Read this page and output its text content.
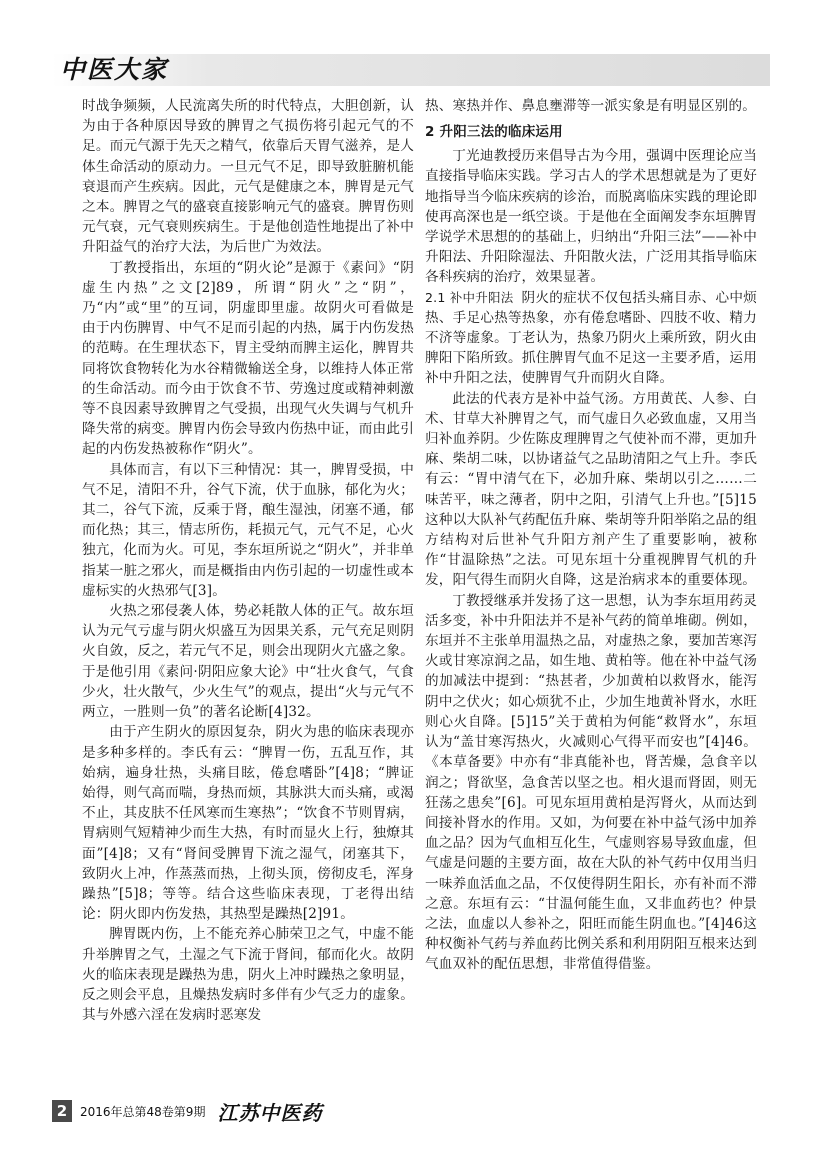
中医大家

时战争频频，人民流离失所的时代特点，大胆创新，认为由于各种原因导致的脾胃之气损伤将引起元气的不足。而元气源于先天之精气，依靠后天胃气滋养，是人体生命活动的原动力。一旦元气不足，即导致脏腑机能衰退而产生疾病。因此，元气是健康之本，脾胃是元气之本。脾胃之气的盛衰直接影响元气的盛衰。脾胃伤则元气衰，元气衰则疾病生。于是他创造性地提出了补中升阳益气的治疗大法，为后世广为效法。

丁教授指出，东垣的“阴火论”是源于《素问》“阴虚生内热”之文[2]89，所谓“阴火”之“阴”，乃“内”或“里”的互词，阴虚即里虚。故阴火可看做是由于内伤脾胃、中气不足而引起的内热，属于内伤发热的范畴。在生理状态下，胃主受纳而脾主运化，脾胃共同将饮食物转化为水谷精微输送全身，以维持人体正常的生命活动。而今由于饮食不节、劳逸过度或精神刺激等不良因素导致脾胃之气受损，出现气火失调与气机升降失常的病变。脾胃内伤会导致内伤热中证，而由此引起的内伤发热被称作“阴火”。

具体而言，有以下三种情况：其一，脾胃受损，中气不足，清阳不升，谷气下流，伏于血脉，郁化为火；其二，谷气下流，反乘于肾，酿生湿浊，闭塞不通，郁而化热；其三，情志所伤，耗损元气，元气不足，心火独亢，化而为火。可见，李东垣所说之“阴火”，并非单指某一脏之邪火，而是概指由内伤引起的一切虚性或本虚标实的火热邪气[3]。

火热之邪侵袭人体，势必耗散人体的正气。故东垣认为元气亏虚与阴火炽盛互为因果关系，元气充足则阴火自敛，反之，若元气不足，则会出现阴火亢盛之象。于是他引用《素问·阴阳应象大论》中“壮火食气，气食少火，壮火散气，少火生气”的观点，提出“火与元气不两立，一胜则一负”的著名论断[4]32。

由于产生阴火的原因复杂，阴火为患的临床表现亦是多种多样的。李氏有云：“脾胃一伤，五乱互作，其始病，遍身壮热，头痛目眩，倦怠嗜卧”[4]8；“脾证始得，则气高而喘，身热而烦，其脉洪大而头痛，或渴不止，其皮肤不任风寒而生寒热”；“饮食不节则胃病，胃病则气短精神少而生大热，有时而显火上行，独燎其面”[4]8；又有“肾间受脾胃下流之湿气，闭塞其下，致阴火上冲，作蒸蒸而热，上彻头顶，傍彻皮毛，浑身躁热”[5]8；等等。结合这些临床表现，丁老得出结论：阴火即内伤发热，其热型是躁热[2]91。

脾胃既内伤，上不能充养心肺荣卫之气，中虚不能升举脾胃之气，土湿之气下流于肾间，郁而化火。故阴火的临床表现是躁热为患，阴火上冲时躁热之象明显，反之则会平息，且燥热发病时多伴有少气乏力的虚象。其与外感六淫在发病时恶寒发

热、寒热并作、鼻息壅滞等一派实象是有明显区别的。

2 升阳三法的临床运用

丁光迪教授历来倡导古为今用，强调中医理论应当直接指导临床实践。学习古人的学术思想就是为了更好地指导当今临床疾病的诊治，而脱离临床实践的理论即使再高深也是一纸空谈。于是他在全面阐发李东垣脾胃学说学术思想的的基础上，归纳出“升阳三法”——补中升阳法、升阳除湿法、升阳散火法，广泛用其指导临床各科疾病的治疗，效果显著。

2.1 补中升阳法 阴火的症状不仅包括头痛目赤、心中烦热、手足心热等热象，亦有倦怠嗜卧、四肢不收、精力不济等虚象。丁老认为，热象乃阴火上乘所致，阴火由脾阳下陷所致。抓住脾胃气血不足这一主要矛盾，运用补中升阳之法，使脾胃气升而阴火自降。

此法的代表方是补中益气汤。方用黄芪、人参、白术、甘草大补脾胃之气，而气虚日久必致血虚，又用当归补血养阴。少佐陈皮理脾胃之气使补而不滞，更加升麻、柴胡二味，以协诸益气之品助清阳之气上升。李氏有云：“胃中清气在下，必加升麻、柴胡以引之……二味苦平，味之薄者，阴中之阳，引清气上升也。”[5]15这种以大队补气药配伍升麻、柴胡等升阳举陷之品的组方结构对后世补气升阳方剂产生了重要影响，被称作“甘温除热”之法。可见东垣十分重视脾胃气机的升发，阳气得生而阴火自降，这是治病求本的重要体现。

丁教授继承并发扬了这一思想，认为李东垣用药灵活多变，补中升阳法并不是补气药的简单堆砌。例如，东垣并不主张单用温热之品，对虚热之象，要加苦寒泻火或甘寒凉润之品，如生地、黄柏等。他在补中益气汤的加减法中提到：“热甚者，少加黄柏以救肾水，能泻阴中之伏火；如心烦犹不止，少加生地黄补肾水，水旺则心火自降。[5]15”关于黄柏为何能“救肾水”，东垣认为“盖甘寒泻热火，火减则心气得平而安也”[4]46。《本草备要》中亦有“非真能补也，肾苦燥，急食辛以润之；肾欲坚，急食苦以坚之也。相火退而肾固，则无狂荡之患矣”[6]。可见东垣用黄柏是泻肾火，从而达到间接补肾水的作用。又如，为何要在补中益气汤中加养血之品？因为气血相互化生，气虚则容易导致血虚，但气虚是问题的主要方面，故在大队的补气药中仅用当归一味养血活血之品，不仅使得阴生阳长，亦有补而不滞之意。东垣有云：“甘温何能生血，又非血药也？仲景之法，血虚以人参补之，阳旺而能生阴血也。”[4]46这种权衡补气药与养血药比例关系和利用阴阳互根来达到气血双补的配伍思想，非常值得借鉴。

2	2016年总第48卷第9期 江苏中医药
